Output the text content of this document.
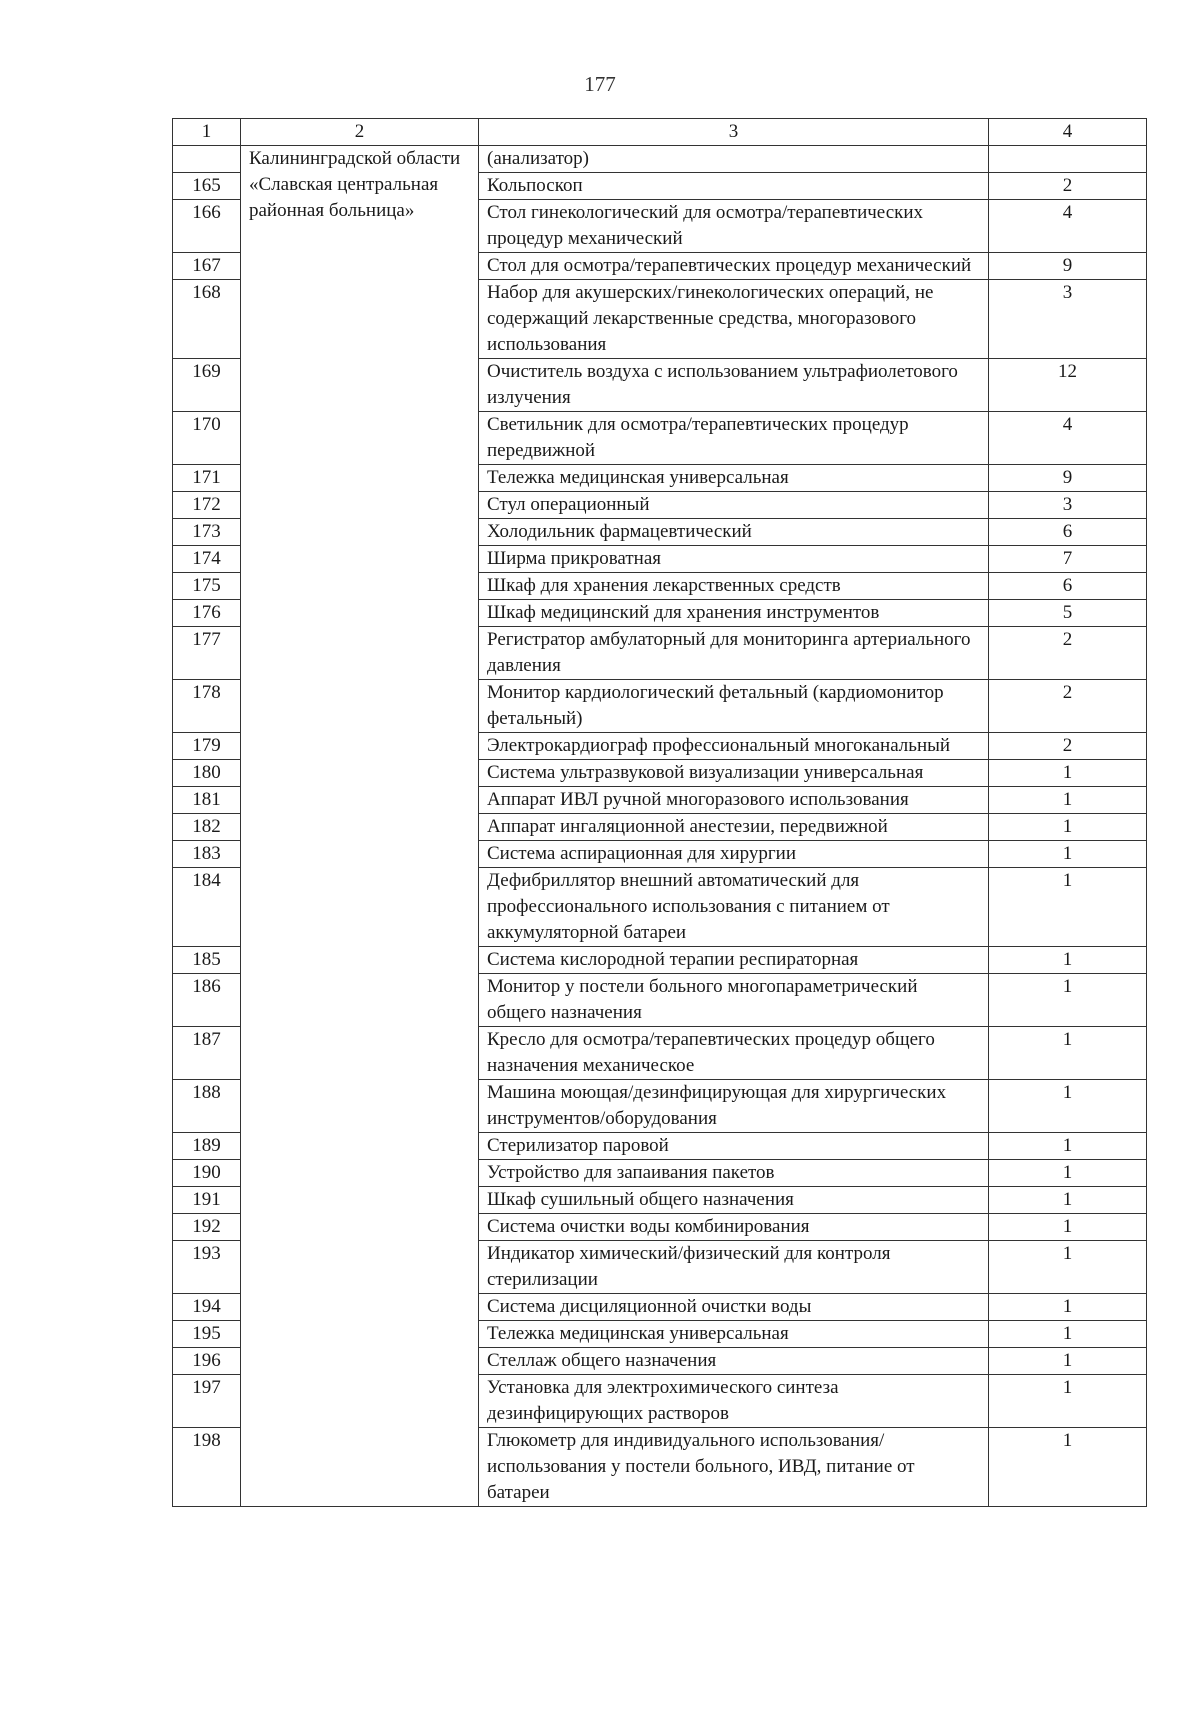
177
1	2	3	4
	Калининградской области «Славская центральная районная больница»	(анализатор)	
165		Кольпоскоп	2
166		Стол гинекологический для осмотра/терапевтических процедур механический	4
167		Стол для осмотра/терапевтических процедур механический	9
168		Набор для акушерских/гинекологических операций, не содержащий лекарственные средства, многоразового использования	3
169		Очиститель воздуха с использованием ультрафиолетового излучения	12
170		Светильник для осмотра/терапевтических процедур передвижной	4
171		Тележка медицинская универсальная	9
172		Стул операционный	3
173		Холодильник фармацевтический	6
174		Ширма прикроватная	7
175		Шкаф для хранения лекарственных средств	6
176		Шкаф медицинский для хранения инструментов	5
177		Регистратор амбулаторный для мониторинга артериального давления	2
178		Монитор кардиологический фетальный (кардиомонитор фетальный)	2
179		Электрокардиограф профессиональный многоканальный	2
180		Система ультразвуковой визуализации универсальная	1
181		Аппарат ИВЛ ручной многоразового использования	1
182		Аппарат ингаляционной анестезии, передвижной	1
183		Система аспирационная для хирургии	1
184		Дефибриллятор внешний автоматический для профессионального использования с питанием от аккумуляторной батареи	1
185		Система кислородной терапии респираторная	1
186		Монитор у постели больного многопараметрический общего назначения	1
187		Кресло для осмотра/терапевтических процедур общего назначения механическое	1
188		Машина моющая/дезинфицирующая для хирургических инструментов/оборудования	1
189		Стерилизатор паровой	1
190		Устройство для запаивания пакетов	1
191		Шкаф сушильный общего назначения	1
192		Система очистки воды комбинирования	1
193		Индикатор химический/физический для контроля стерилизации	1
194		Система дисциляционной очистки воды	1
195		Тележка медицинская универсальная	1
196		Стеллаж общего назначения	1
197		Установка для электрохимического синтеза дезинфицирующих растворов	1
198		Глюкометр для индивидуального использования/использования у постели больного, ИВД, питание от батареи	1
